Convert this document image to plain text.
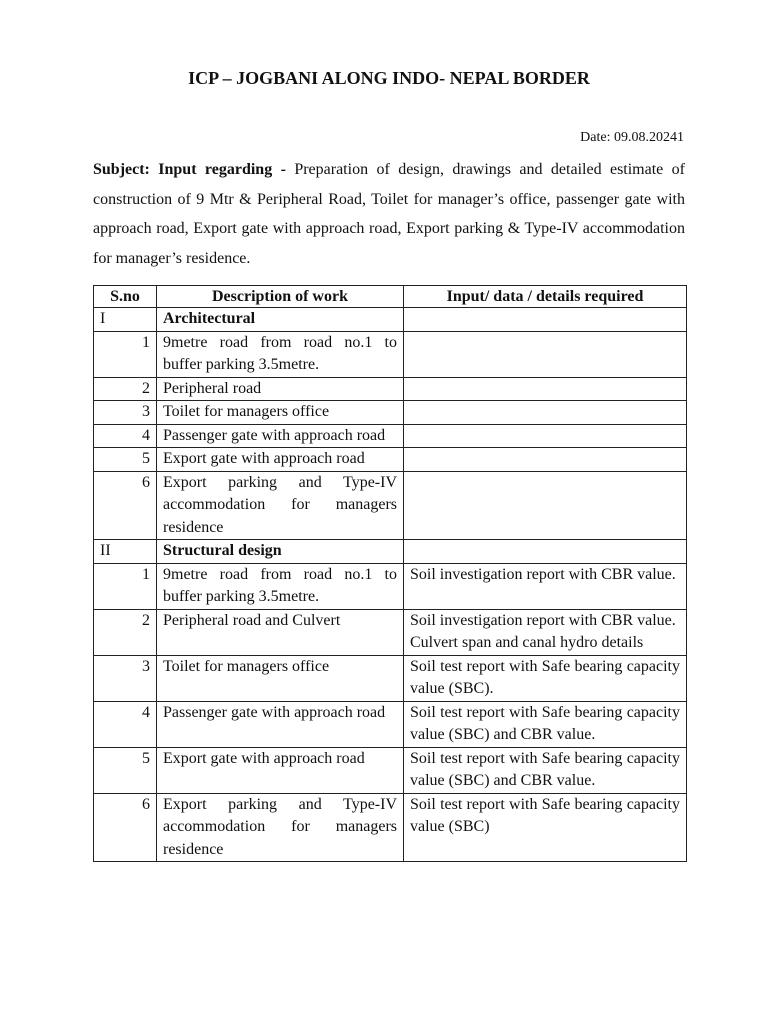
ICP – JOGBANI ALONG INDO- NEPAL BORDER
Date: 09.08.20241
Subject: Input regarding - Preparation of design, drawings and detailed estimate of construction of 9 Mtr & Peripheral Road, Toilet for manager’s office, passenger gate with approach road, Export gate with approach road, Export parking & Type-IV accommodation for manager’s residence.
S.no	Description of work	Input/ data / details required
I	Architectural	
1	9metre road from road no.1 to buffer parking 3.5metre.	
2	Peripheral road	
3	Toilet for managers office	
4	Passenger gate with approach road	
5	Export gate with approach road	
6	Export parking and Type-IV accommodation for managers residence	
II	Structural design	
1	9metre road from road no.1 to buffer parking 3.5metre.	Soil investigation report with CBR value.
2	Peripheral road and Culvert	Soil investigation report with CBR value.
Culvert span and canal hydro details

3	Toilet for managers office	Soil test report with Safe bearing capacity value (SBC).
4	Passenger gate with approach road	Soil test report with Safe bearing capacity value (SBC) and CBR value.
5	Export gate with approach road	Soil test report with Safe bearing capacity value (SBC) and CBR value.
6	Export parking and Type-IV accommodation for managers residence	Soil test report with Safe bearing capacity value (SBC)
